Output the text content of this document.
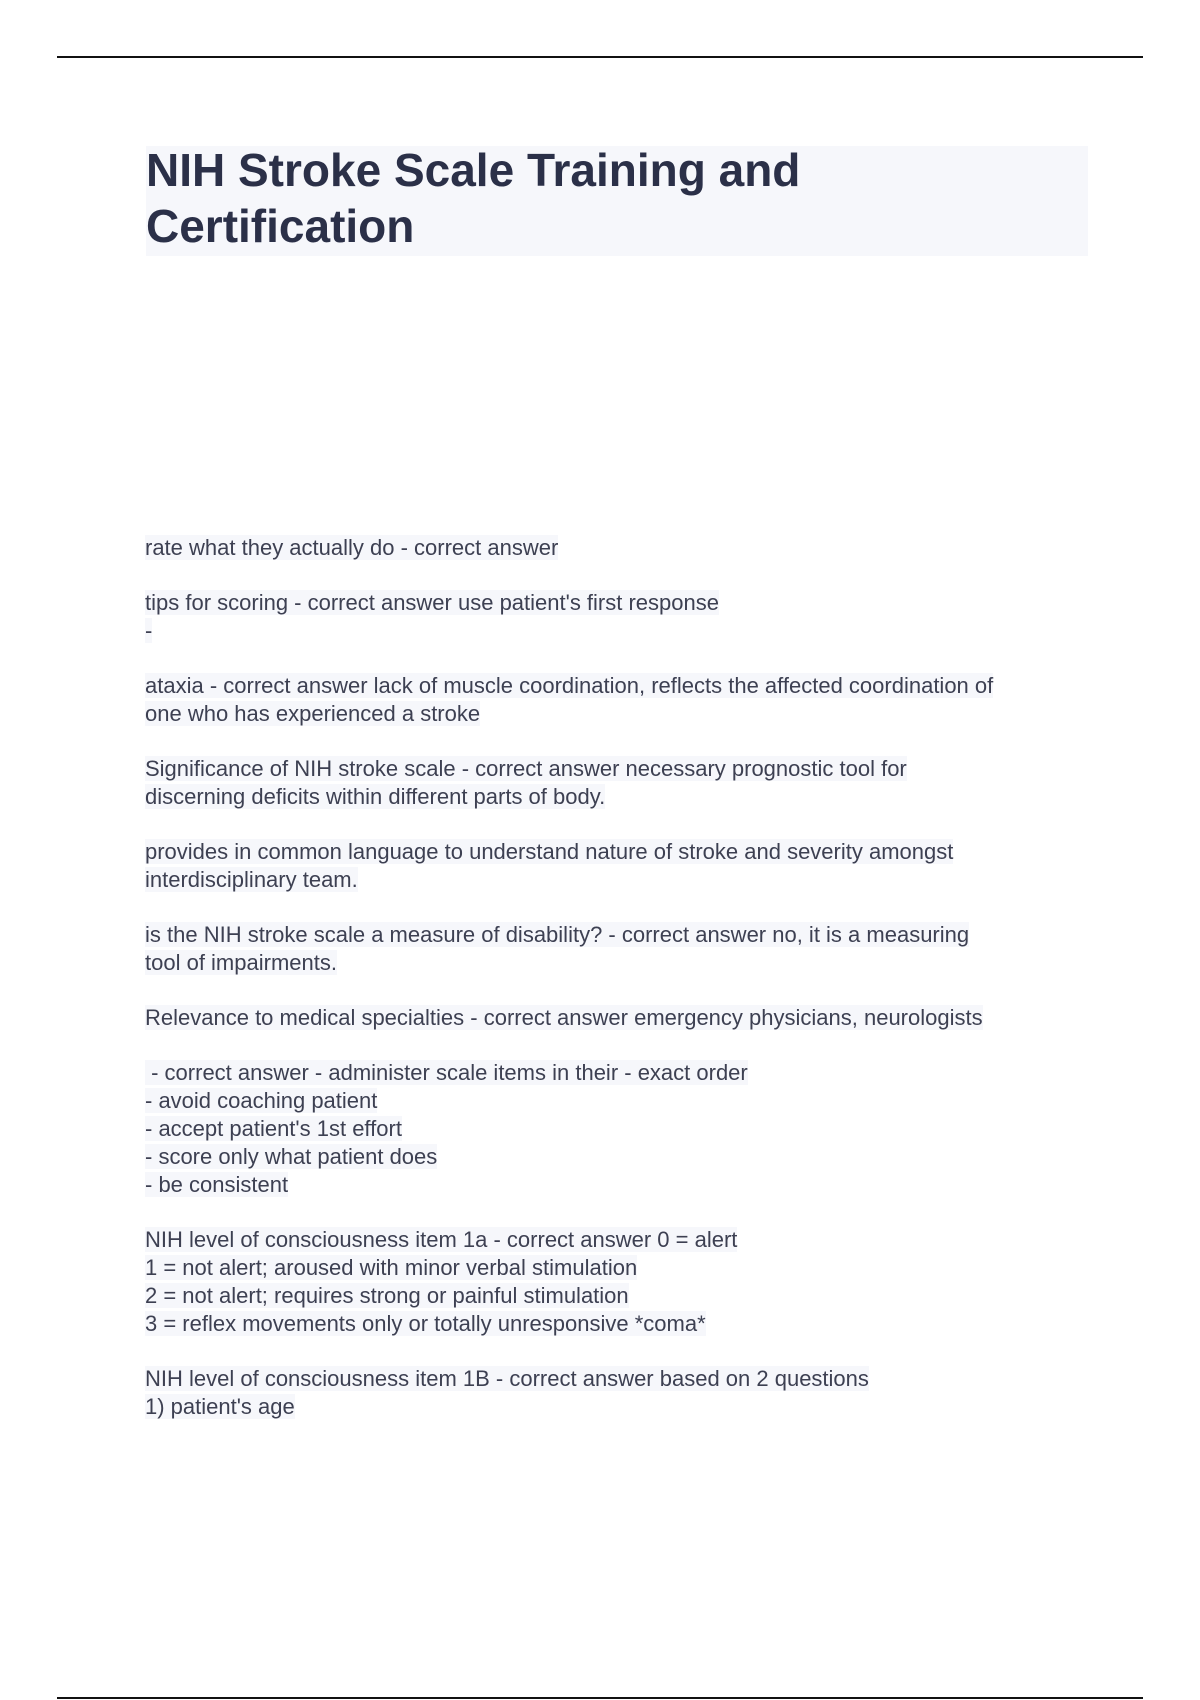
NIH Stroke Scale Training and
Certification
rate what they actually do - correct answer
tips for scoring - correct answer use patient's first response
-
ataxia - correct answer lack of muscle coordination, reflects the affected coordination of
one who has experienced a stroke
Significance of NIH stroke scale - correct answer necessary prognostic tool for
discerning deficits within different parts of body.
provides in common language to understand nature of stroke and severity amongst
interdisciplinary team.
is the NIH stroke scale a measure of disability? - correct answer no, it is a measuring
tool of impairments.
Relevance to medical specialties - correct answer emergency physicians, neurologists
- correct answer - administer scale items in their - exact order
- avoid coaching patient
- accept patient's 1st effort
- score only what patient does
- be consistent
NIH level of consciousness item 1a - correct answer 0 = alert
1 = not alert; aroused with minor verbal stimulation
2 = not alert; requires strong or painful stimulation
3 = reflex movements only or totally unresponsive *coma*
NIH level of consciousness item 1B - correct answer based on 2 questions
1) patient's age
